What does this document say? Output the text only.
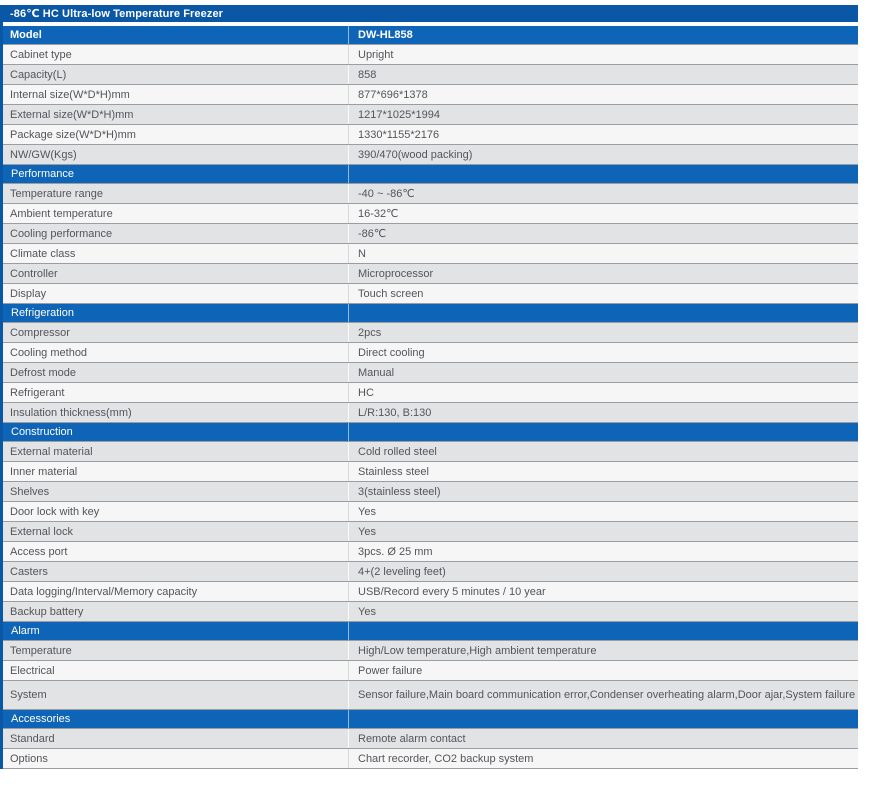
-86℃ HC Ultra-low Temperature Freezer
Model	DW-HL858
Cabinet type	Upright
Capacity(L)	858
Internal size(W*D*H)mm	877*696*1378
External size(W*D*H)mm	1217*1025*1994
Package size(W*D*H)mm	1330*1155*2176
NW/GW(Kgs)	390/470(wood packing)
Performance
Temperature range	-40 ~ -86℃
Ambient temperature	16-32℃
Cooling performance	-86℃
Climate class	N
Controller	Microprocessor
Display	Touch screen
Refrigeration
Compressor	2pcs
Cooling method	Direct cooling
Defrost mode	Manual
Refrigerant	HC
Insulation thickness(mm)	L/R:130, B:130
Construction
External material	Cold rolled steel
Inner material	Stainless steel
Shelves	3(stainless steel)
Door lock with key	Yes
External lock	Yes
Access port	3pcs. Ø 25 mm
Casters	4+(2 leveling feet)
Data logging/Interval/Memory capacity	USB/Record every 5 minutes / 10 year
Backup battery	Yes
Alarm
Temperature	High/Low temperature,High ambient temperature
Electrical	Power failure
System	Sensor failure,Main board communication error,Condenser overheating alarm,Door ajar,System failure
Accessories
Standard	Remote alarm contact
Options	Chart recorder, CO2 backup system
